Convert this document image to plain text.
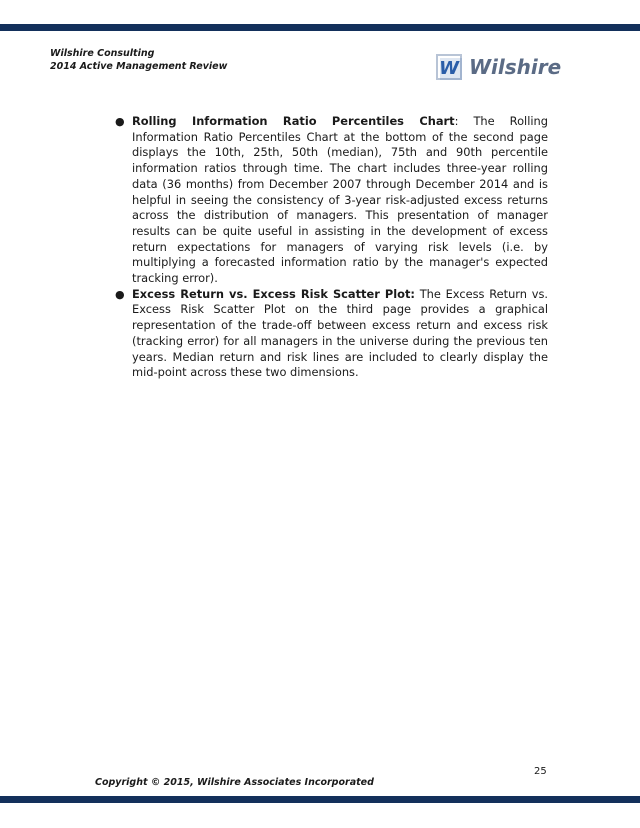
Wilshire Consulting
2014 Active Management Review	W Wilshire
● Rolling Information Ratio Percentiles Chart: The Rolling Information Ratio Percentiles Chart at the bottom of the second page displays the 10th, 25th, 50th (median), 75th and 90th percentile information ratios through time. The chart includes three-year rolling data (36 months) from December 2007 through December 2014 and is helpful in seeing the consistency of 3-year risk-adjusted excess returns across the distribution of managers. This presentation of manager results can be quite useful in assisting in the development of excess return expectations for managers of varying risk levels (i.e. by multiplying a forecasted information ratio by the manager's expected tracking error).
● Excess Return vs. Excess Risk Scatter Plot: The Excess Return vs. Excess Risk Scatter Plot on the third page provides a graphical representation of the trade-off between excess return and excess risk (tracking error) for all managers in the universe during the previous ten years. Median return and risk lines are included to clearly display the mid-point across these two dimensions.
25
Copyright © 2015, Wilshire Associates Incorporated
